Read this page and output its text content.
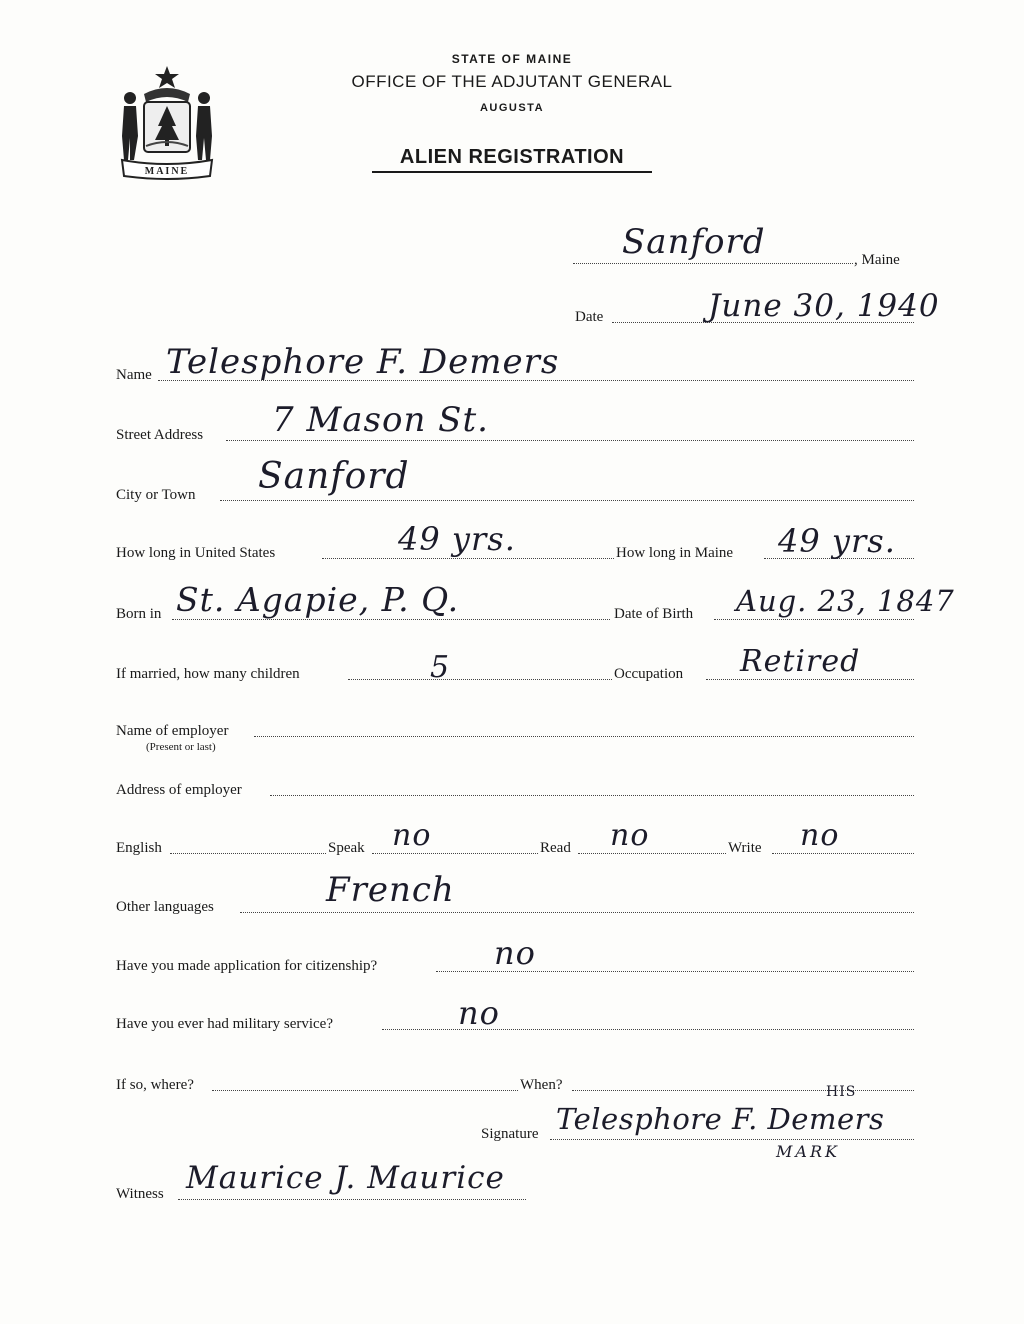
MAINE
STATE OF MAINE
OFFICE OF THE ADJUTANT GENERAL
AUGUSTA
ALIEN REGISTRATION
, Maine
Sanford
Date	June 30, 1940
Name Telesphore F. Demers
Street Address 7 Mason St.
City or Town Sanford
How long in United States	49 yrs.	How long in Maine 49 yrs.
Born in St. Agapie, P. Q.	Date of Birth Aug. 23, 1847
If married, how many children	5	Occupation Retired
Name of employer
(Present or last)
Address of employer
English	Speak no	Read no	Write no
Other languages	French
Have you made application for citizenship?	no
Have you ever had military service?	no
If so, where?	When?
Signature Telesphore F. Demers
HIS
MARK
Witness Maurice J. Maurice
